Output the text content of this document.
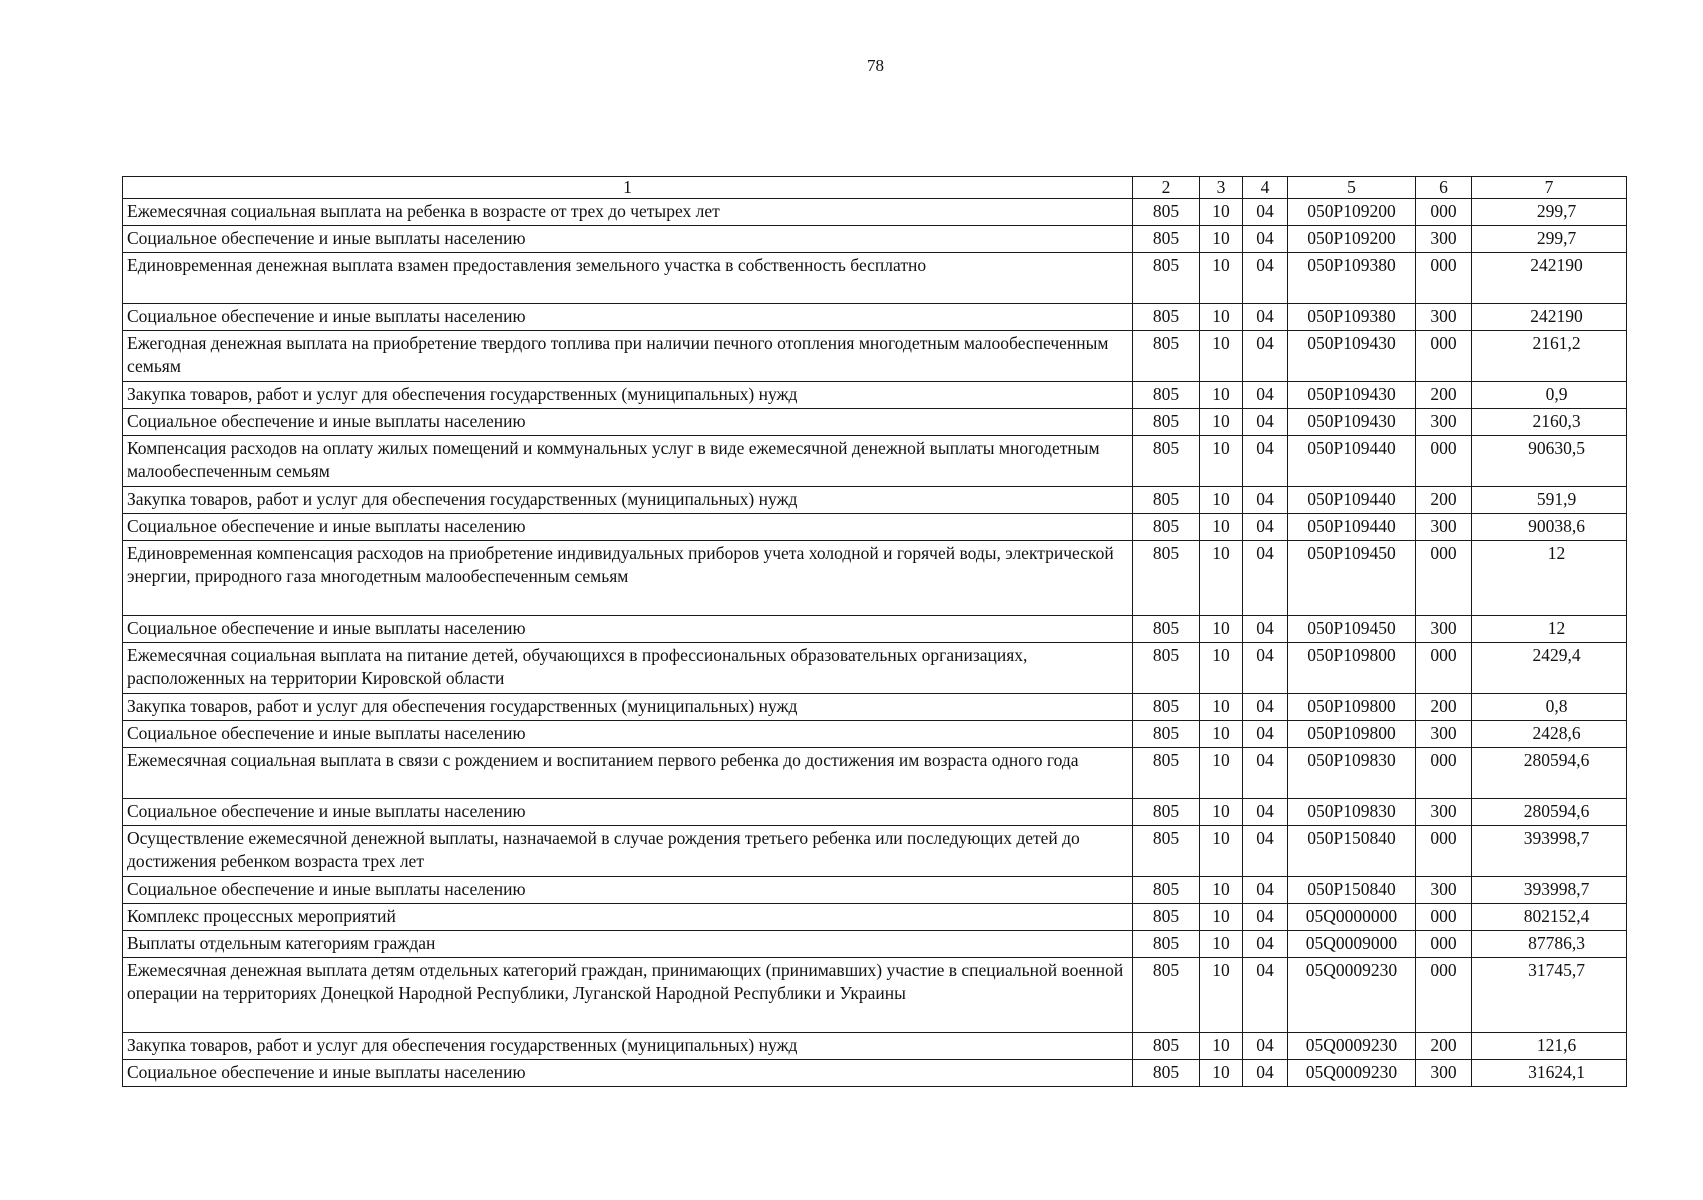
78
1	2	3	4	5	6	7
Ежемесячная социальная выплата на ребенка в возрасте от трех до четырех лет	805	10	04	050P109200	000	299,7
Социальное обеспечение и иные выплаты населению	805	10	04	050P109200	300	299,7
Единовременная денежная выплата взамен предоставления земельного участка в собственность бесплатно	805	10	04	050P109380	000	242190
Социальное обеспечение и иные выплаты населению	805	10	04	050P109380	300	242190
Ежегодная денежная выплата на приобретение твердого топлива при наличии печного отопления многодетным малообеспеченным семьям	805	10	04	050P109430	000	2161,2
Закупка товаров, работ и услуг для обеспечения государственных (муниципальных) нужд	805	10	04	050P109430	200	0,9
Социальное обеспечение и иные выплаты населению	805	10	04	050P109430	300	2160,3
Компенсация расходов на оплату жилых помещений и коммунальных услуг в виде ежемесячной денежной выплаты многодетным малообеспеченным семьям	805	10	04	050P109440	000	90630,5
Закупка товаров, работ и услуг для обеспечения государственных (муниципальных) нужд	805	10	04	050P109440	200	591,9
Социальное обеспечение и иные выплаты населению	805	10	04	050P109440	300	90038,6
Единовременная компенсация расходов на приобретение индивидуальных приборов учета холодной и горячей воды, электрической энергии, природного газа многодетным малообеспеченным семьям	805	10	04	050P109450	000	12
Социальное обеспечение и иные выплаты населению	805	10	04	050P109450	300	12
Ежемесячная социальная выплата на питание детей, обучающихся в профессиональных образовательных организациях, расположенных на территории Кировской области	805	10	04	050P109800	000	2429,4
Закупка товаров, работ и услуг для обеспечения государственных (муниципальных) нужд	805	10	04	050P109800	200	0,8
Социальное обеспечение и иные выплаты населению	805	10	04	050P109800	300	2428,6
Ежемесячная социальная выплата в связи с рождением и воспитанием первого ребенка до достижения им возраста одного года	805	10	04	050P109830	000	280594,6
Социальное обеспечение и иные выплаты населению	805	10	04	050P109830	300	280594,6
Осуществление ежемесячной денежной выплаты, назначаемой в случае рождения третьего ребенка или последующих детей до достижения ребенком возраста трех лет	805	10	04	050P150840	000	393998,7
Социальное обеспечение и иные выплаты населению	805	10	04	050P150840	300	393998,7
Комплекс процессных мероприятий	805	10	04	05Q0000000	000	802152,4
Выплаты отдельным категориям граждан	805	10	04	05Q0009000	000	87786,3
Ежемесячная денежная выплата детям отдельных категорий граждан, принимающих (принимавших) участие в специальной военной операции на территориях Донецкой Народной Республики, Луганской Народной Республики и Украины	805	10	04	05Q0009230	000	31745,7
Закупка товаров, работ и услуг для обеспечения государственных (муниципальных) нужд	805	10	04	05Q0009230	200	121,6
Социальное обеспечение и иные выплаты населению	805	10	04	05Q0009230	300	31624,1
